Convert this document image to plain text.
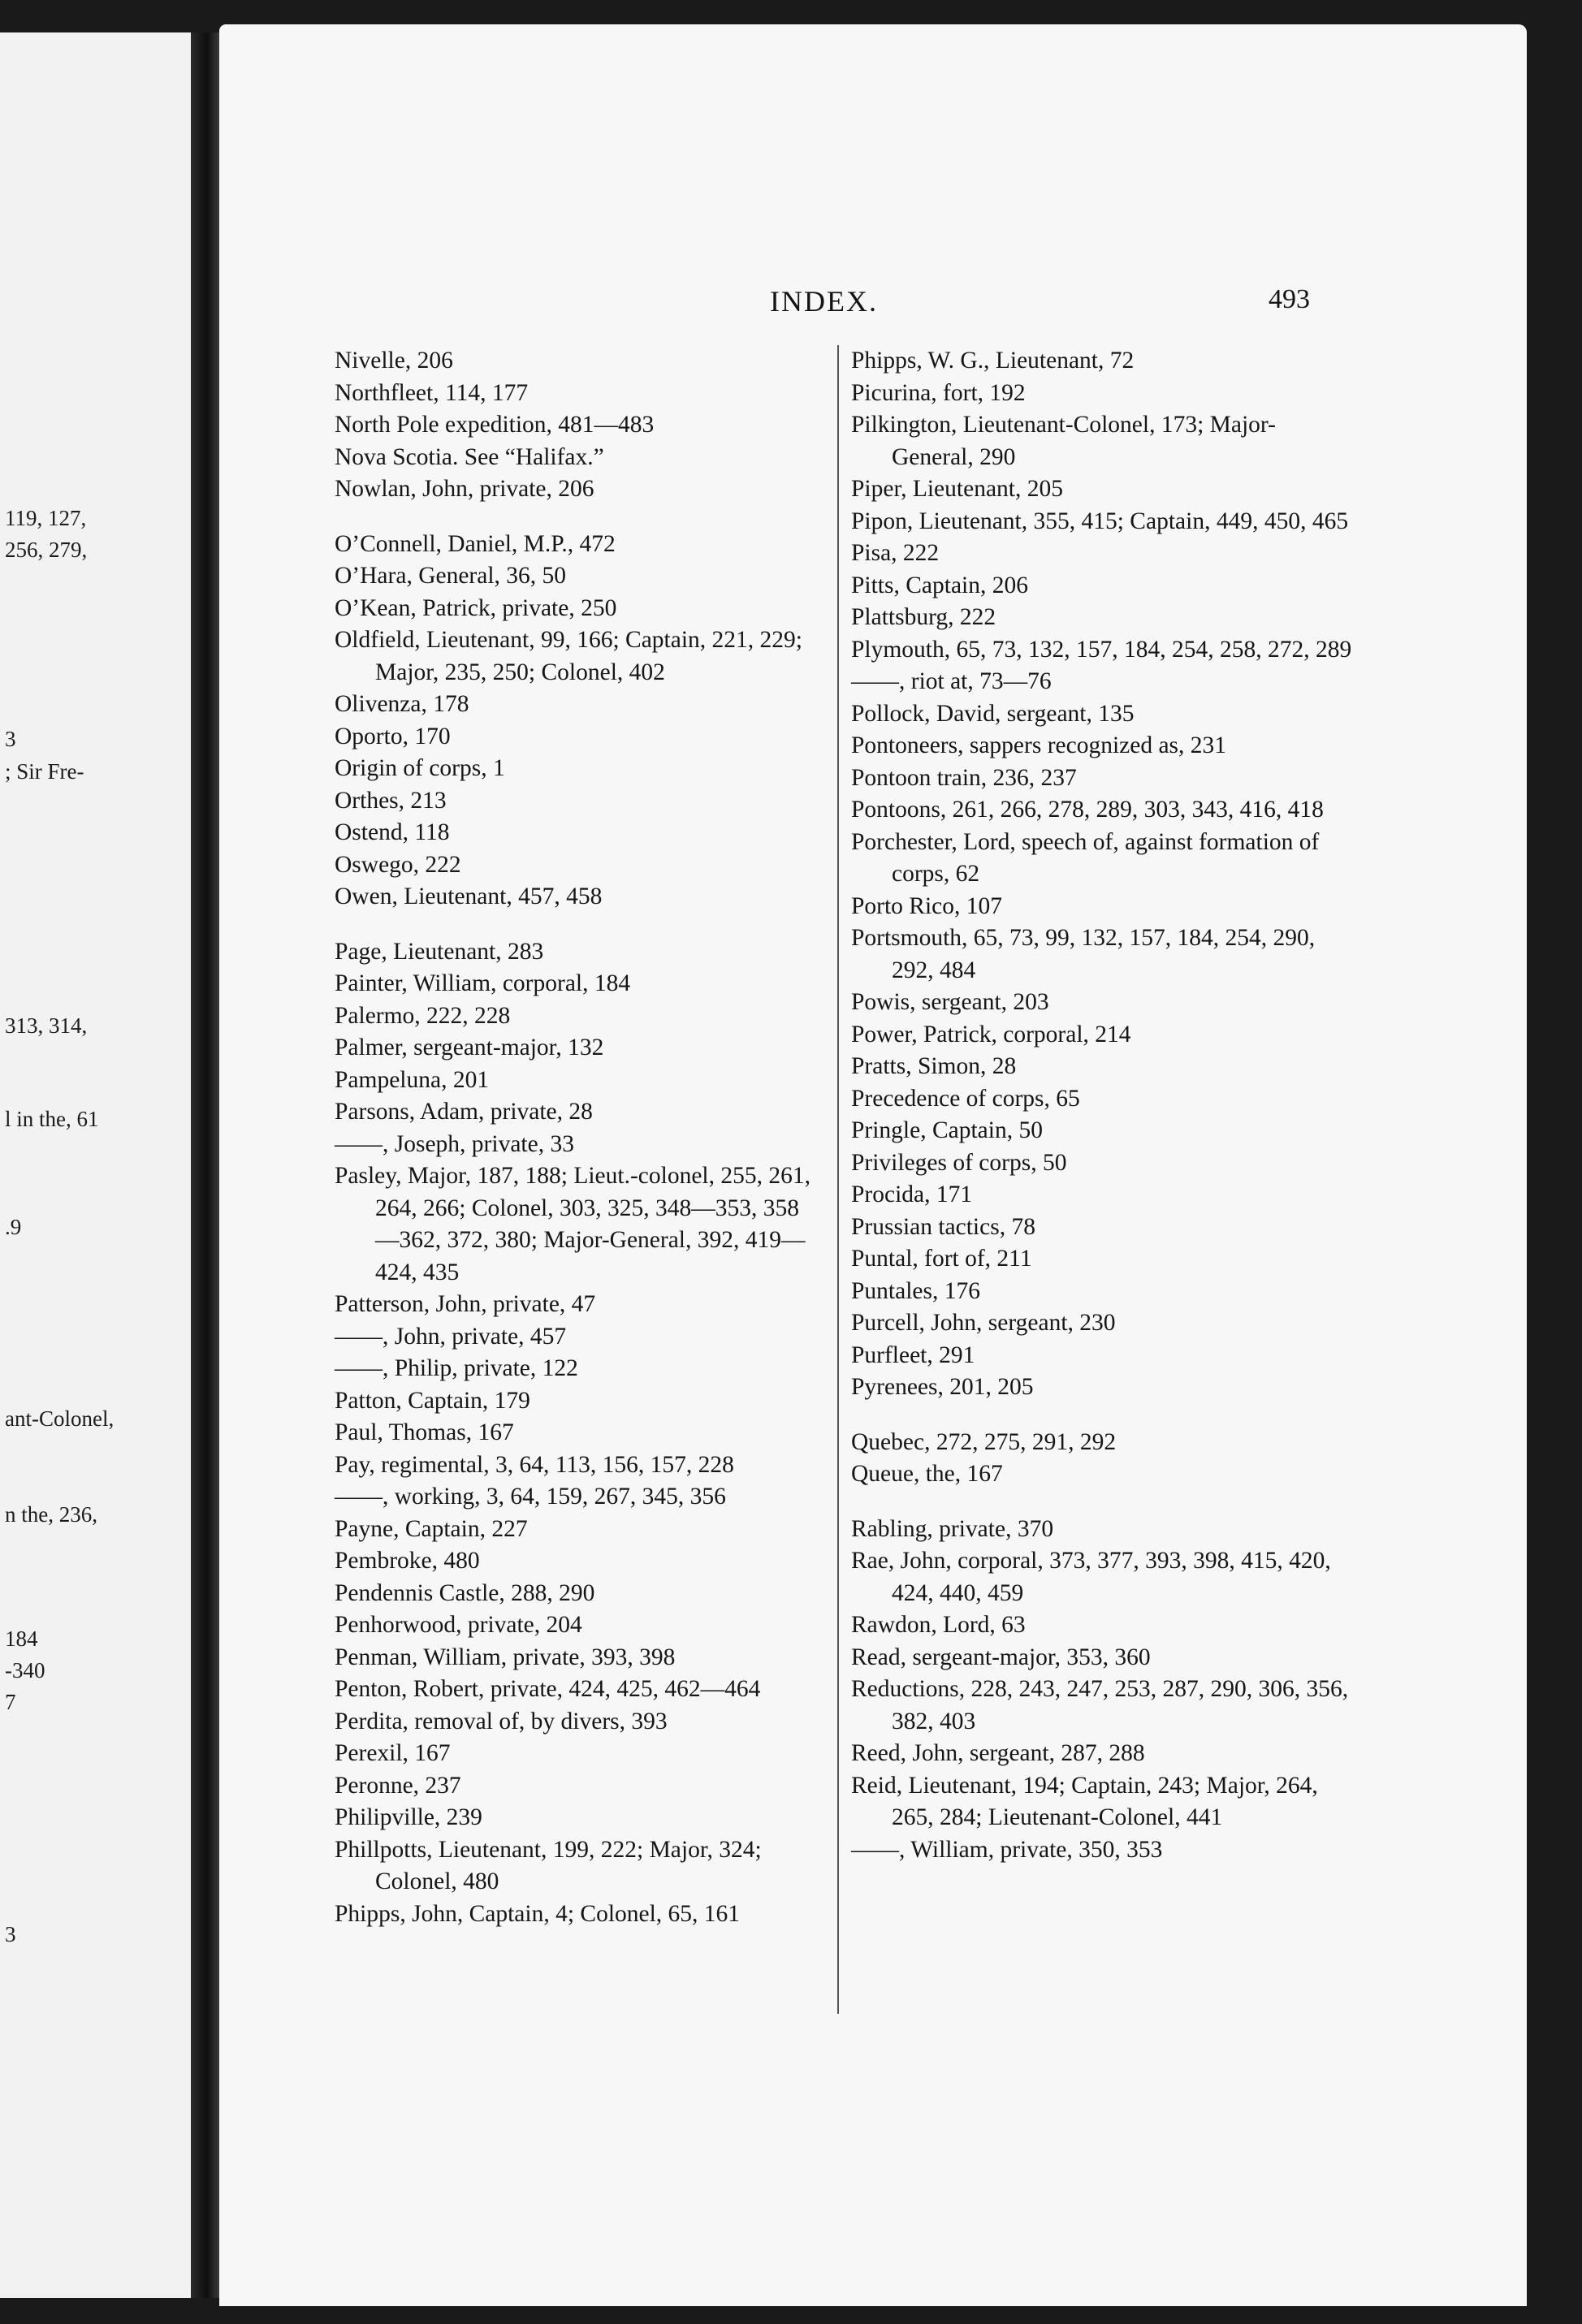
119, 127,
256, 279,
3
; Sir Fre-
313, 314,
l in the, 61
.9
ant-Colonel,
n the, 236,
184
-340
7
3
INDEX.	493
Nivelle, 206
Northfleet, 114, 177
North Pole expedition, 481—483
Nova Scotia. See “Halifax.”
Nowlan, John, private, 206
O’Connell, Daniel, M.P., 472
O’Hara, General, 36, 50
O’Kean, Patrick, private, 250
Oldfield, Lieutenant, 99, 166; Captain, 221, 229; Major, 235, 250; Colonel, 402
Olivenza, 178
Oporto, 170
Origin of corps, 1
Orthes, 213
Ostend, 118
Oswego, 222
Owen, Lieutenant, 457, 458
Page, Lieutenant, 283
Painter, William, corporal, 184
Palermo, 222, 228
Palmer, sergeant-major, 132
Pampeluna, 201
Parsons, Adam, private, 28
——, Joseph, private, 33
Pasley, Major, 187, 188; Lieut.-colonel, 255, 261, 264, 266; Colonel, 303, 325, 348—353, 358—362, 372, 380; Major-General, 392, 419—424, 435
Patterson, John, private, 47
——, John, private, 457
——, Philip, private, 122
Patton, Captain, 179
Paul, Thomas, 167
Pay, regimental, 3, 64, 113, 156, 157, 228
——, working, 3, 64, 159, 267, 345, 356
Payne, Captain, 227
Pembroke, 480
Pendennis Castle, 288, 290
Penhorwood, private, 204
Penman, William, private, 393, 398
Penton, Robert, private, 424, 425, 462—464
Perdita, removal of, by divers, 393
Perexil, 167
Peronne, 237
Philipville, 239
Phillpotts, Lieutenant, 199, 222; Major, 324; Colonel, 480
Phipps, John, Captain, 4; Colonel, 65, 161
Phipps, W. G., Lieutenant, 72
Picurina, fort, 192
Pilkington, Lieutenant-Colonel, 173; Major-General, 290
Piper, Lieutenant, 205
Pipon, Lieutenant, 355, 415; Captain, 449, 450, 465
Pisa, 222
Pitts, Captain, 206
Plattsburg, 222
Plymouth, 65, 73, 132, 157, 184, 254, 258, 272, 289
——, riot at, 73—76
Pollock, David, sergeant, 135
Pontoneers, sappers recognized as, 231
Pontoon train, 236, 237
Pontoons, 261, 266, 278, 289, 303, 343, 416, 418
Porchester, Lord, speech of, against formation of corps, 62
Porto Rico, 107
Portsmouth, 65, 73, 99, 132, 157, 184, 254, 290, 292, 484
Powis, sergeant, 203
Power, Patrick, corporal, 214
Pratts, Simon, 28
Precedence of corps, 65
Pringle, Captain, 50
Privileges of corps, 50
Procida, 171
Prussian tactics, 78
Puntal, fort of, 211
Puntales, 176
Purcell, John, sergeant, 230
Purfleet, 291
Pyrenees, 201, 205
Quebec, 272, 275, 291, 292
Queue, the, 167
Rabling, private, 370
Rae, John, corporal, 373, 377, 393, 398, 415, 420, 424, 440, 459
Rawdon, Lord, 63
Read, sergeant-major, 353, 360
Reductions, 228, 243, 247, 253, 287, 290, 306, 356, 382, 403
Reed, John, sergeant, 287, 288
Reid, Lieutenant, 194; Captain, 243; Major, 264, 265, 284; Lieutenant-Colonel, 441
——, William, private, 350, 353
